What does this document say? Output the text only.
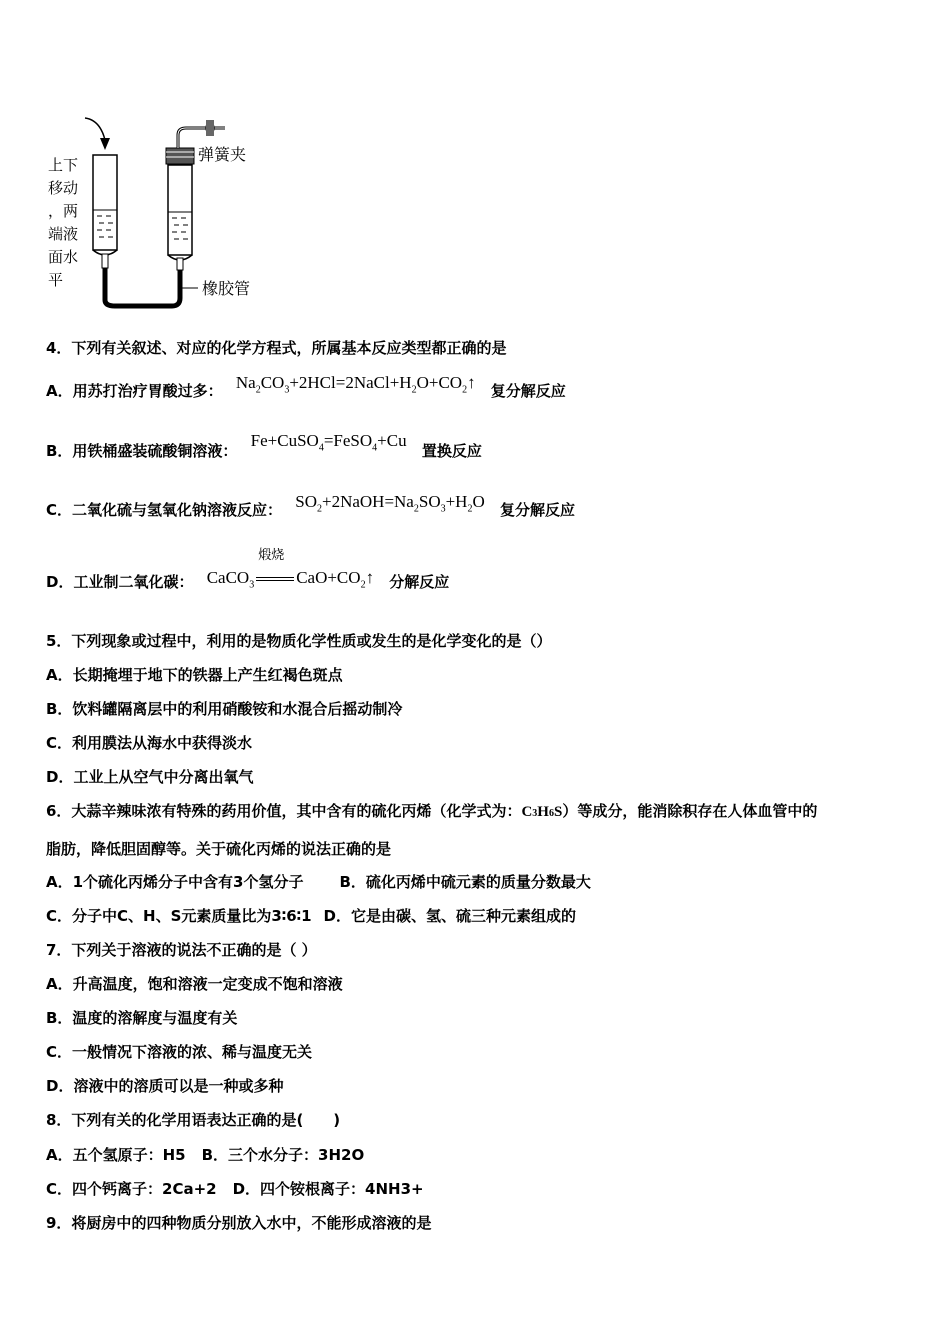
上下
移动
，两
端液
面水
平
弹簧夹
橡胶管
4．下列有关叙述、对应的化学方程式，所属基本反应类型都正确的是
A．用苏打治疗胃酸过多： $Na_2CO_3+2HCl=2NaCl+H_2O+CO_2↑$ 复分解反应
B．用铁桶盛装硫酸铜溶液： Fe+CuSO$_4$=FeSO$_4$+Cu 置换反应
C．二氧化硫与氢氧化钠溶液反应： $SO_2+2NaOH=Na_2SO_3+H_2O$ 复分解反应
D．工业制二氧化碳： CaCO$_3$
煅烧
$CaO+CO_2↑$ 分解反应
5．下列现象或过程中，利用的是物质化学性质或发生的是化学变化的是（）
A．长期掩埋于地下的铁器上产生红褐色斑点
B．饮料罐隔离层中的利用硝酸铵和水混合后摇动制冷
C．利用膜法从海水中获得淡水
D．工业上从空气中分离出氧气
6．大蒜辛辣味浓有特殊的药用价值，其中含有的硫化丙烯（化学式为：C3H6S）等成分，能消除积存在人体血管中的
脂肪，降低胆固醇等。关于硫化丙烯的说法正确的是
A．1个硫化丙烯分子中含有3个氢分子 B．硫化丙烯中硫元素的质量分数最大
C．分子中C、H、S元素质量比为3∶6∶1 D．它是由碳、氢、硫三种元素组成的
7．下列关于溶液的说法不正确的是（ ）
A．升高温度，饱和溶液一定变成不饱和溶液
B．温度的溶解度与温度有关
C．一般情况下溶液的浓、稀与温度无关
D．溶液中的溶质可以是一种或多种
8．下列有关的化学用语表达正确的是(　　)
A．五个氢原子：H5 B．三个水分子：3H2O
C．四个钙离子：2Ca+2 D．四个铵根离子：4NH3+
9．将厨房中的四种物质分别放入水中，不能形成溶液的是
